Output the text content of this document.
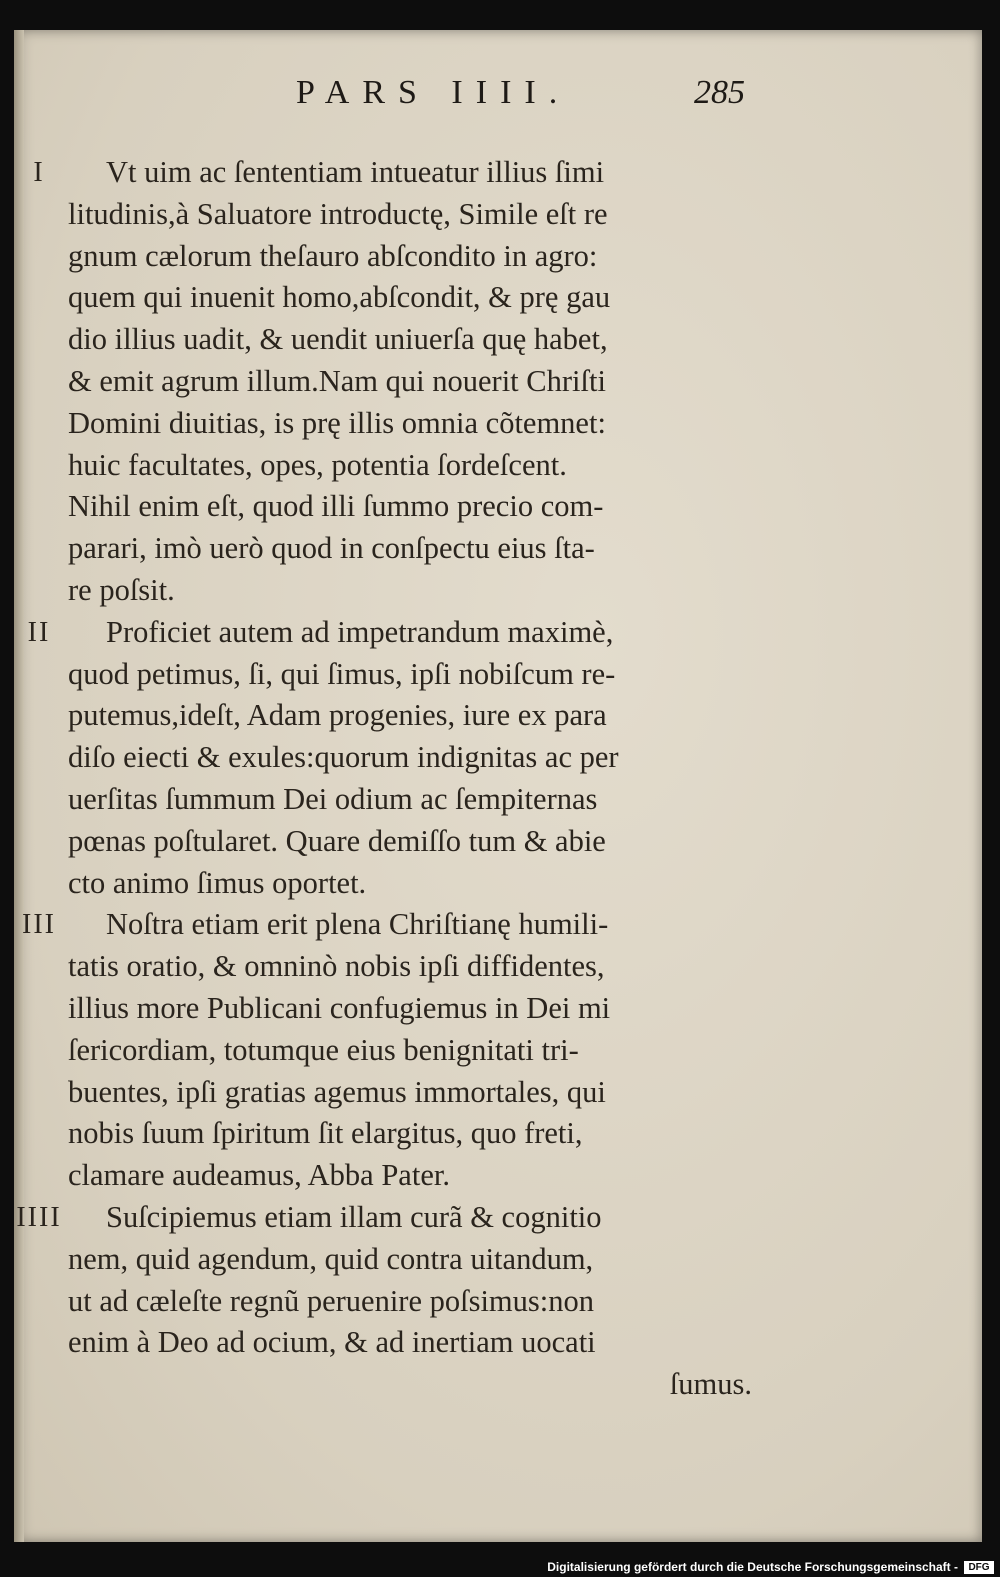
PARS IIII.	285
I	Vt uim ac ſententiam intueatur illius ſimi
litudinis,à Saluatore introductę, Simile eſt re
gnum cælorum theſauro abſcondito in agro:
quem qui inuenit homo,abſcondit, & prę gau
dio illius uadit, & uendit uniuerſa quę habet,
& emit agrum illum.Nam qui nouerit Chriſti
Domini diuitias, is prę illis omnia cõtemnet:
huic facultates, opes, potentia ſordeſcent.
Nihil enim eſt, quod illi ſummo precio com-
parari, imò uerò quod in conſpectu eius ſta-
re poſsit.
II	Proficiet autem ad impetrandum maximè,
quod petimus, ſi, qui ſimus, ipſi nobiſcum re-
putemus,ideſt, Adam progenies, iure ex para
diſo eiecti & exules:quorum indignitas ac per
uerſitas ſummum Dei odium ac ſempiternas
pœnas poſtularet. Quare demiſſo tum & abie
cto animo ſimus oportet.
III Noſtra etiam erit plena Chriſtianę humili-
tatis oratio, & omninò nobis ipſi diffidentes,
illius more Publicani confugiemus in Dei mi
ſericordiam, totumque eius benignitati tri-
buentes, ipſi gratias agemus immortales, qui
nobis ſuum ſpiritum ſit elargitus, quo freti,
clamare audeamus, Abba Pater.
IIII Suſcipiemus etiam illam curã & cognitio
nem, quid agendum, quid contra uitandum,
ut ad cæleſte regnũ peruenire poſsimus:non
enim à Deo ad ocium, & ad inertiam uocati
ſumus.
Digitalisierung gefördert durch die Deutsche Forschungsgemeinschaft -	DFG
